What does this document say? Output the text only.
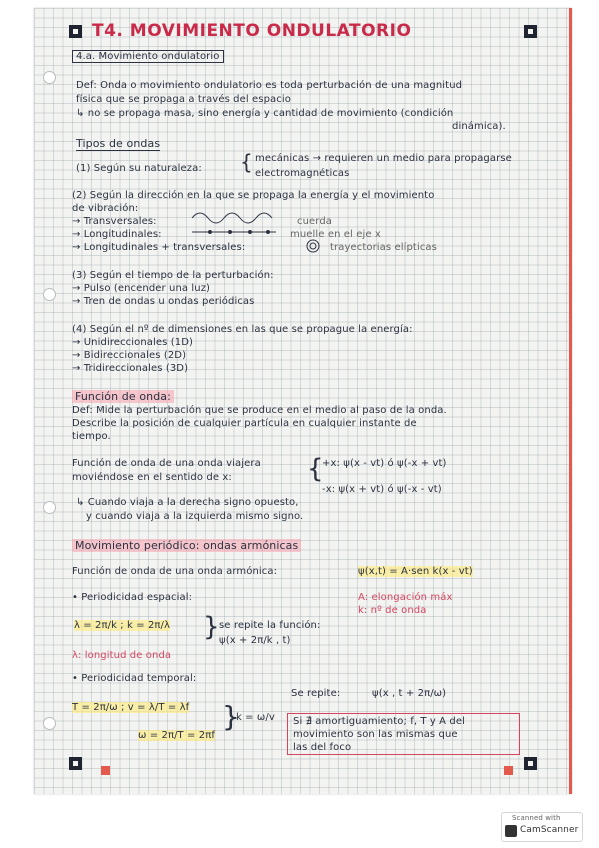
T4. MOVIMIENTO ONDULATORIO
4.a. Movimiento ondulatorio
Def: Onda o movimiento ondulatorio es toda perturbación de una magnitud
física que se propaga a través del espacio
↳ no se propaga masa, sino energía y cantidad de movimiento (condición
dinámica).
Tipos de ondas
(1) Según su naturaleza: { mecánicas → requieren un medio para propagarse
electromagnéticas
(2) Según la dirección en la que se propaga la energía y el movimiento
de vibración:
→ Transversales:	cuerda
→ Longitudinales:	muelle en el eje x
→ Longitudinales + transversales:	trayectorias elípticas
(3) Según el tiempo de la perturbación:
→ Pulso (encender una luz)
→ Tren de ondas u ondas periódicas
(4) Según el nº de dimensiones en las que se propague la energía:
→ Unidireccionales (1D)
→ Bidireccionales (2D)
→ Tridireccionales (3D)
Función de onda:
Def: Mide la perturbación que se produce en el medio al paso de la onda.
Describe la posición de cualquier partícula en cualquier instante de
tiempo.
Función de onda de una onda viajera
moviéndose en el sentido de x:	{
+x: ψ(x - vt) ó ψ(-x + vt)
-x: ψ(x + vt) ó ψ(-x - vt)
↳ Cuando viaja a la derecha signo opuesto,
y cuando viaja a la izquierda mismo signo.
Movimiento periódico: ondas armónicas
Función de onda de una onda armónica:	ψ(x,t) = A·sen k(x - vt)
• Periodicidad espacial:	A: elongación máx
k: nº de onda
λ = 2π/k ; k = 2π/λ } se repite la función:
ψ(x + 2π/k , t)
λ: longitud de onda
• Periodicidad temporal:
Se repite:	ψ(x , t + 2π/ω)
T = 2π/ω ; v = λ/T = λf
ω = 2π/T = 2πf
}
k = ω/v Si ∄ amortiguamiento; f, T y A del
movimiento son las mismas que
las del foco
Scanned with
CamScanner
